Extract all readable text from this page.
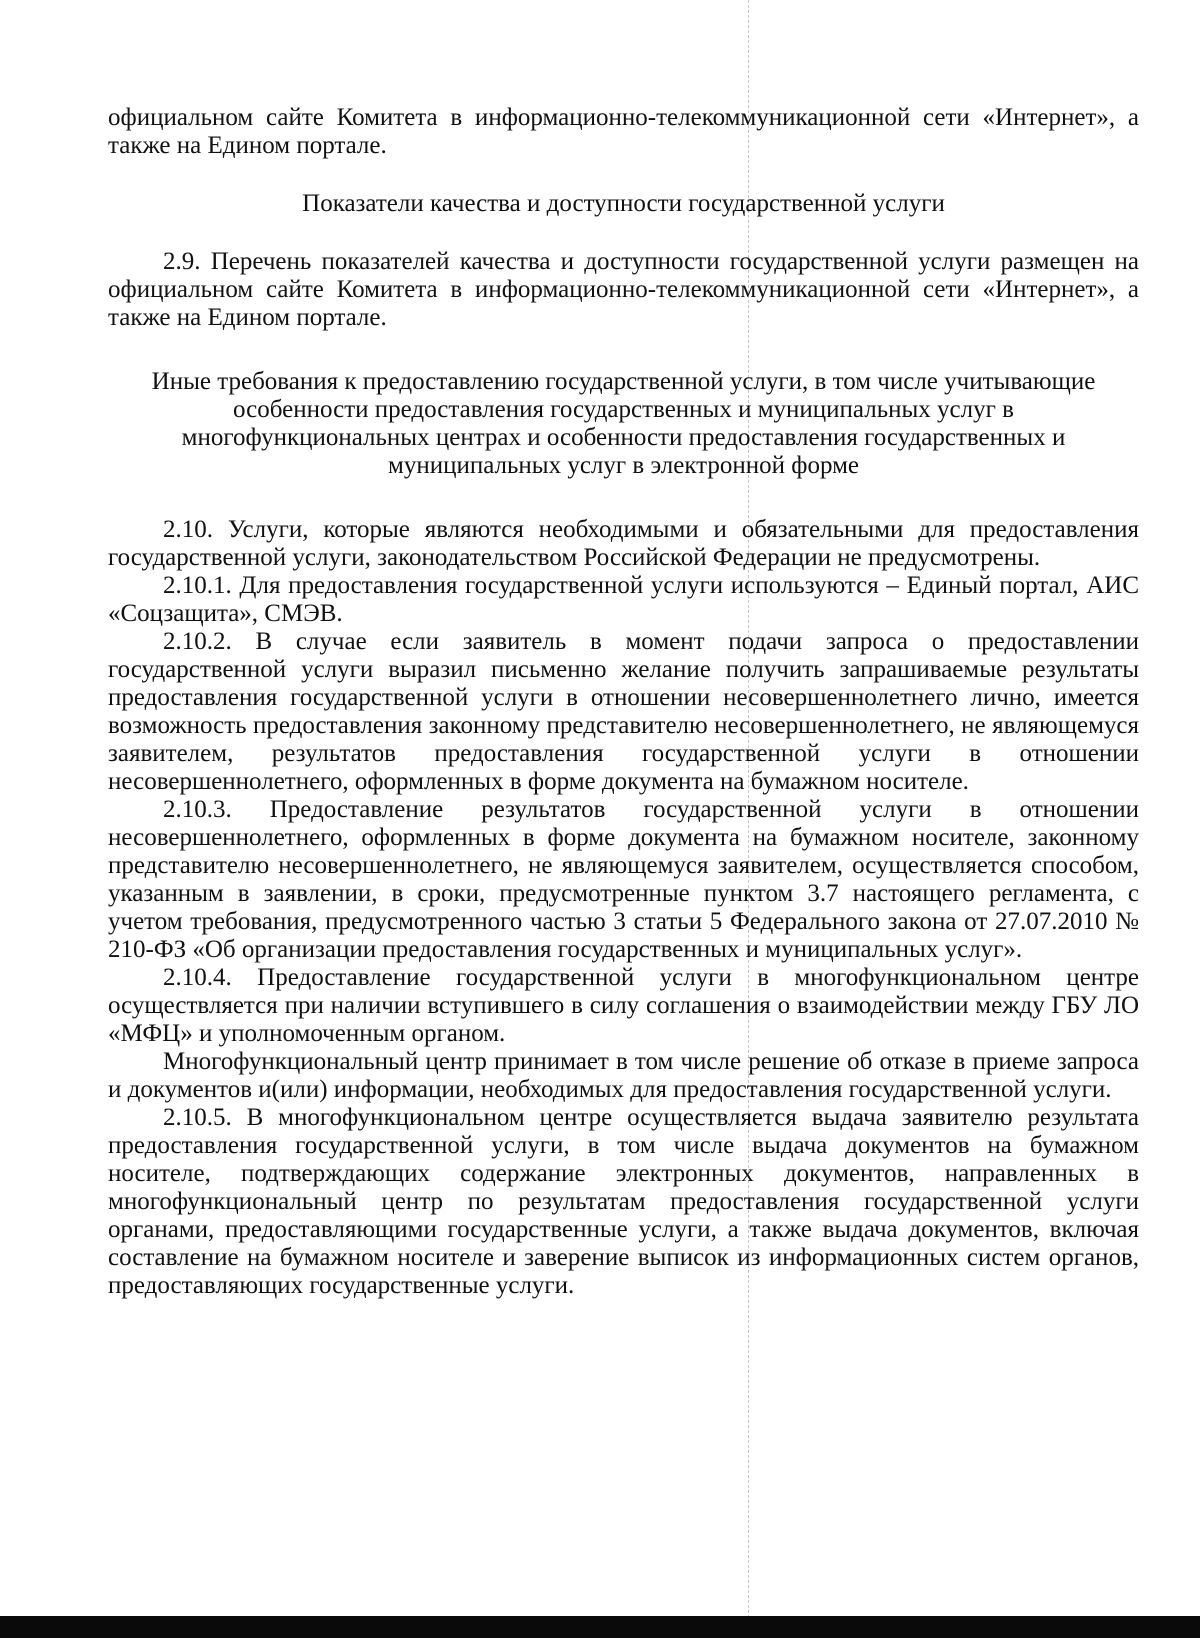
официальном сайте Комитета в информационно-телекоммуникационной сети «Интернет», а также на Едином портале.

Показатели качества и доступности государственной услуги

2.9. Перечень показателей качества и доступности государственной услуги размещен на официальном сайте Комитета в информационно-телекоммуникационной сети «Интернет», а также на Едином портале.

Иные требования к предоставлению государственной услуги, в том числе учитывающие особенности предоставления государственных и муниципальных услуг в многофункциональных центрах и особенности предоставления государственных и муниципальных услуг в электронной форме

2.10. Услуги, которые являются необходимыми и обязательными для предоставления государственной услуги, законодательством Российской Федерации не предусмотрены.

2.10.1. Для предоставления государственной услуги используются – Единый портал, АИС «Соцзащита», СМЭВ.

2.10.2. В случае если заявитель в момент подачи запроса о предоставлении государственной услуги выразил письменно желание получить запрашиваемые результаты предоставления государственной услуги в отношении несовершеннолетнего лично, имеется возможность предоставления законному представителю несовершеннолетнего, не являющемуся заявителем, результатов предоставления государственной услуги в отношении несовершеннолетнего, оформленных в форме документа на бумажном носителе.

2.10.3. Предоставление результатов государственной услуги в отношении несовершеннолетнего, оформленных в форме документа на бумажном носителе, законному представителю несовершеннолетнего, не являющемуся заявителем, осуществляется способом, указанным в заявлении, в сроки, предусмотренные пунктом 3.7 настоящего регламента, с учетом требования, предусмотренного частью 3 статьи 5 Федерального закона от 27.07.2010 № 210-ФЗ «Об организации предоставления государственных и муниципальных услуг».

2.10.4. Предоставление государственной услуги в многофункциональном центре осуществляется при наличии вступившего в силу соглашения о взаимодействии между ГБУ ЛО «МФЦ» и уполномоченным органом.

Многофункциональный центр принимает в том числе решение об отказе в приеме запроса и документов и(или) информации, необходимых для предоставления государственной услуги.

2.10.5. В многофункциональном центре осуществляется выдача заявителю результата предоставления государственной услуги, в том числе выдача документов на бумажном носителе, подтверждающих содержание электронных документов, направленных в многофункциональный центр по результатам предоставления государственной услуги органами, предоставляющими государственные услуги, а также выдача документов, включая составление на бумажном носителе и заверение выписок из информационных систем органов, предоставляющих государственные услуги.
